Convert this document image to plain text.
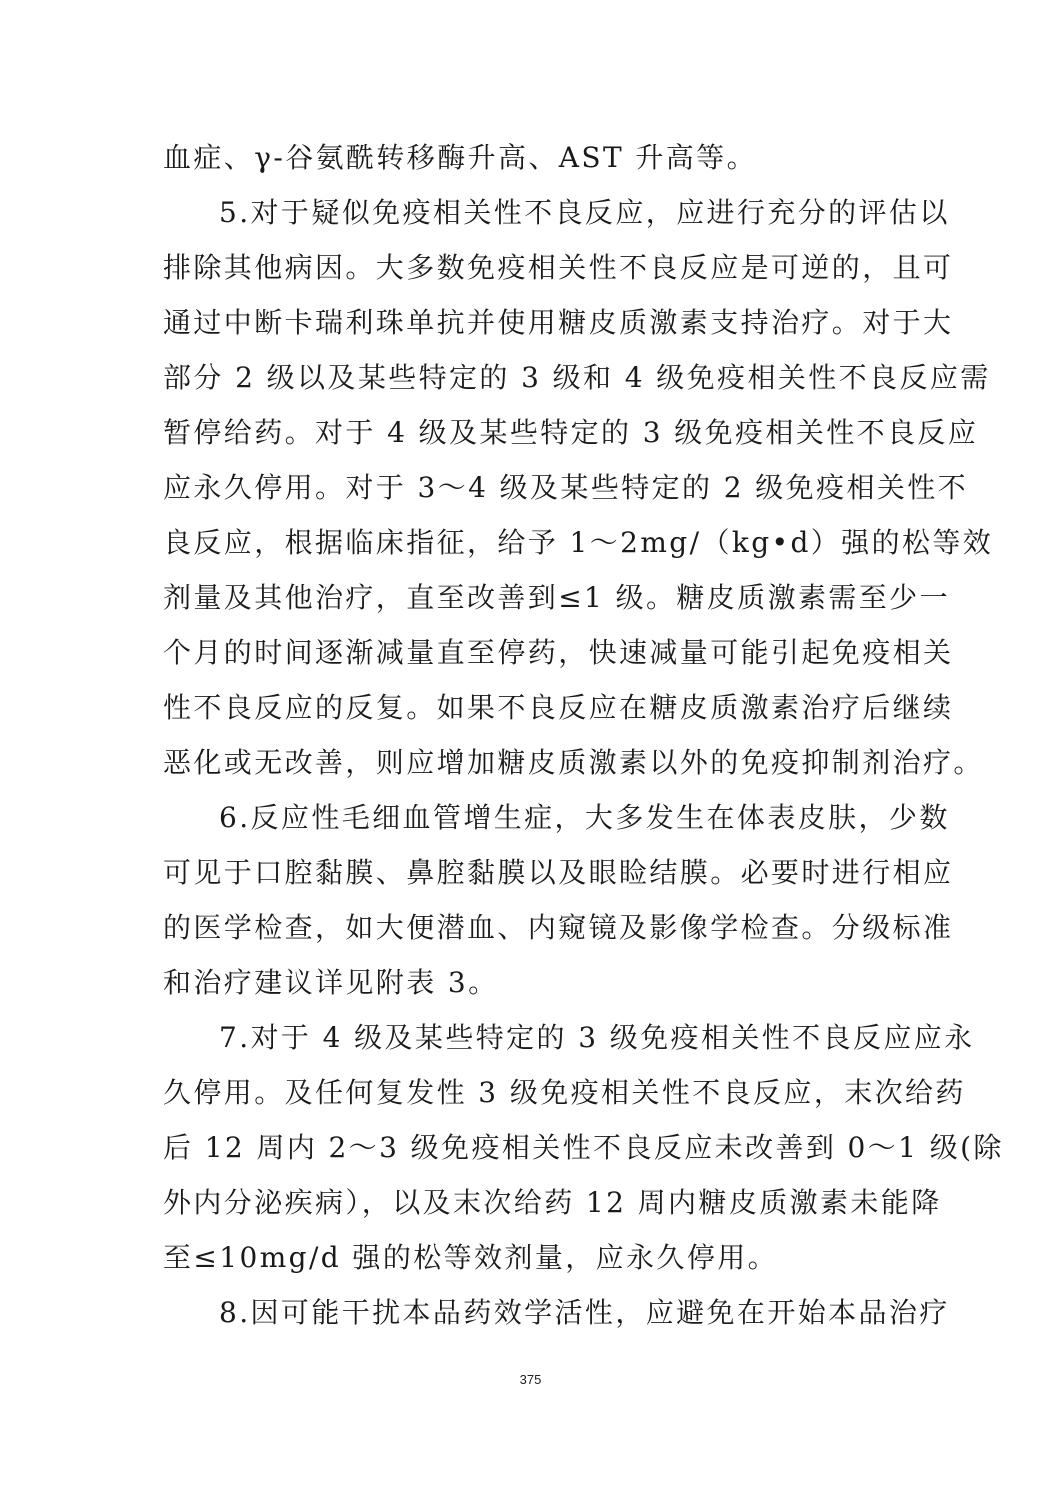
血症、γ-谷氨酰转移酶升高、AST 升高等。
5.对于疑似免疫相关性不良反应，应进行充分的评估以
排除其他病因。大多数免疫相关性不良反应是可逆的，且可
通过中断卡瑞利珠单抗并使用糖皮质激素支持治疗。对于大
部分 2 级以及某些特定的 3 级和 4 级免疫相关性不良反应需
暂停给药。对于 4 级及某些特定的 3 级免疫相关性不良反应
应永久停用。对于 3～4 级及某些特定的 2 级免疫相关性不
良反应，根据临床指征，给予 1～2mg/（kg•d）强的松等效
剂量及其他治疗，直至改善到≤1 级。糖皮质激素需至少一
个月的时间逐渐减量直至停药，快速减量可能引起免疫相关
性不良反应的反复。如果不良反应在糖皮质激素治疗后继续
恶化或无改善，则应增加糖皮质激素以外的免疫抑制剂治疗。
6.反应性毛细血管增生症，大多发生在体表皮肤，少数
可见于口腔黏膜、鼻腔黏膜以及眼睑结膜。必要时进行相应
的医学检查，如大便潜血、内窥镜及影像学检查。分级标准
和治疗建议详见附表 3。
7.对于 4 级及某些特定的 3 级免疫相关性不良反应应永
久停用。及任何复发性 3 级免疫相关性不良反应，末次给药
后 12 周内 2～3 级免疫相关性不良反应未改善到 0～1 级(除
外内分泌疾病），以及末次给药 12 周内糖皮质激素未能降
至≤10mg/d 强的松等效剂量，应永久停用。
8.因可能干扰本品药效学活性，应避免在开始本品治疗
375
